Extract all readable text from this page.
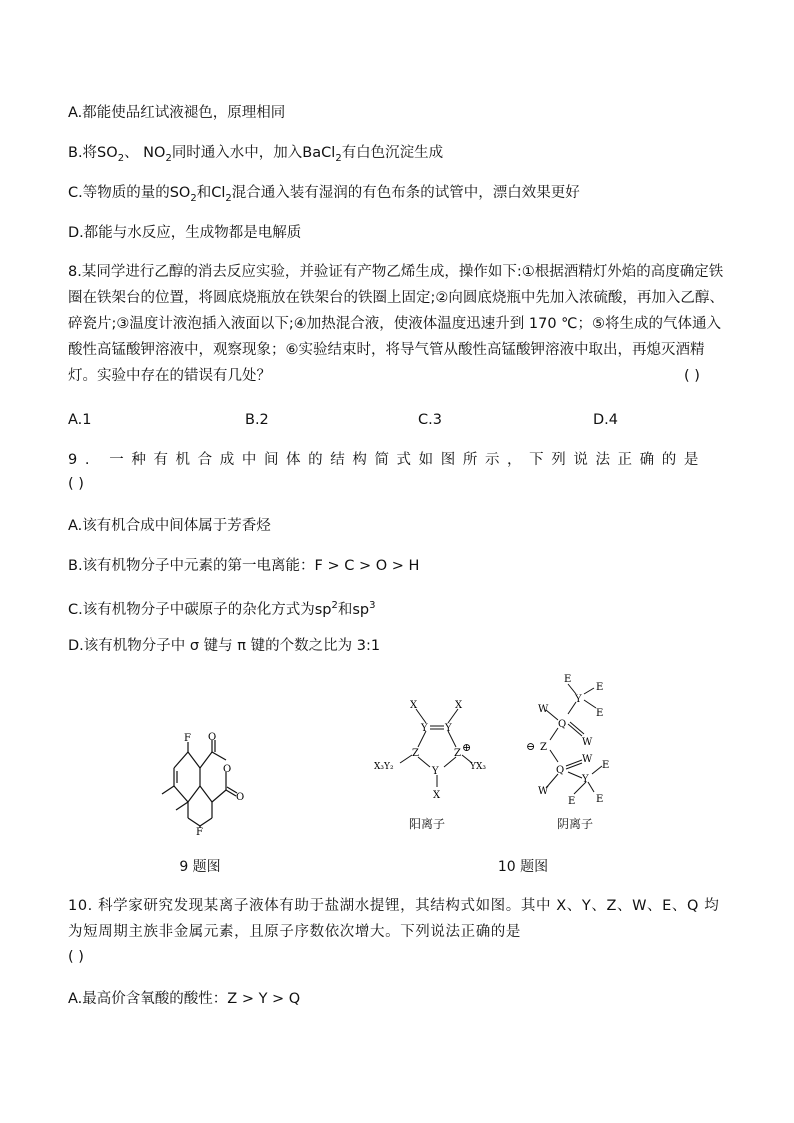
A.都能使品红试液褪色，原理相同
B.将$SO_2$、 $NO_2$同时通入水中，加入BaCl$_2$有白色沉淀生成
C.等物质的量的$SO_2$和$Cl_2$混合通入装有湿润的有色布条的试管中，漂白效果更好
D.都能与水反应，生成物都是电解质
8.某同学进行乙醇的消去反应实验，并验证有产物乙烯生成，操作如下:①根据酒精灯外焰的高度确定铁圈在铁架台的位置，将圆底烧瓶放在铁架台的铁圈上固定;②向圆底烧瓶中先加入浓硫酸，再加入乙醇、碎瓷片;③温度计液泡插入液面以下;④加热混合液，使液体温度迅速升到 170 ℃；⑤将生成的气体通入酸性高锰酸钾溶液中，观察现象；⑥实验结束时，将导气管从酸性高锰酸钾溶液中取出，再熄灭酒精灯。实验中存在的错误有几处？	( )
A.1	B.2	C.3	D.4
9. 一种有机合成中间体的结构简式如图所示，下列说法正确的是
( )
A.该有机合成中间体属于芳香烃
B.该有机物分子中元素的第一电离能：F > C > O > H
C.该有机物分子中碳原子的杂化方式为$sp^2$和$sp^3$
D.该有机物分子中 σ 键与 π 键的个数之比为 3:1
F
F
O
O
O
9 题图
X	X
Y Y
Z	Z ⊕
Y
X
X₃Y₂	YX₃
E
E
Y
E
W
Q
W
⊖ Z
W
Q
W
Y
E
E
E
阳离子	阴离子
10 题图
10. 科学家研究发现某离子液体有助于盐湖水提锂，其结构式如图。其中 X、Y、Z、W、E、Q 均为短周期主族非金属元素，且原子序数依次增大。下列说法正确的是
( )
A.最高价含氧酸的酸性：Z > Y > Q
